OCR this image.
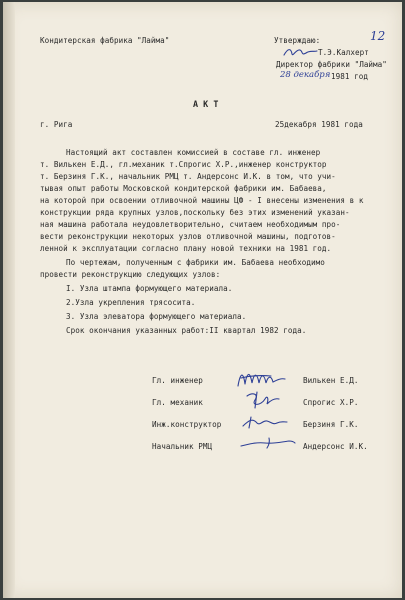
Кондитерская фабрика "Лайма"	Утверждаю:	12
Т.Э.Калхерт
Директор фабрики "Лайма"
28 декабря 1981 год
А К Т
г. Рига	25декабря 1981 года
Настоящий акт составлен комиссией в составе гл. инженер
т. Вилькен Е.Д., гл.механик т.Спрогис Х.Р.,инженер конструктор
т. Берзиня Г.К., начальник РМЦ т. Андерсонс И.К. в том, что учи-
тывая опыт работы Московской кондитерской фабрики им. Бабаева,
на которой при освоении отливочной машины ЦФ - I внесены изменения в к
конструкции ряда крупных узлов,поскольку без этих изменений указан-
ная машина работала неудовлетворительно, считаем необходимым про-
вести реконструкции некоторых узлов отливочной машины, подготов-
ленной к эксплуатации согласно плану новой техники на 1981 год.
По чертежам, полученным с фабрики им. Бабаева необходимо
провести реконструкцию следующих узлов:
I. Узла штампа формующего материала.
2.Узла укрепления трясосита.
3. Узла элеватора формующего материала.
Срок окончания указанных работ:II квартал 1982 года.
Гл. инженер	Вилькен Е.Д.
Гл. механик	Спрогис Х.Р.
Инж.конструктор	Берзиня Г.К.
Начальник РМЦ	Андерсонс И.К.
